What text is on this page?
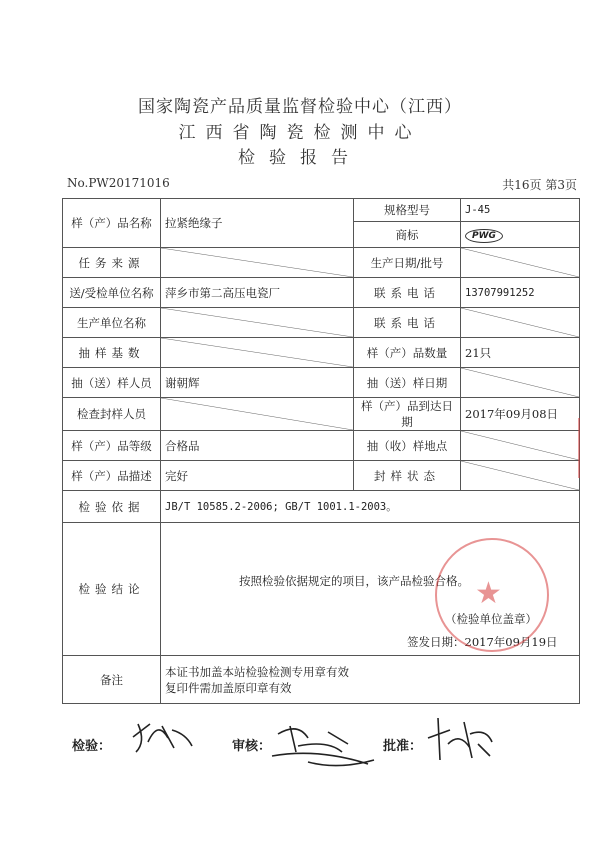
国家陶瓷产品质量监督检验中心（江西）
江西省陶瓷检测中心
检验报告
No.PW20171016	共16页 第3页
样（产）品名称	拉紧绝缘子	规格型号	J-45
		商标	PWG
任务来源		生产日期/批号	
送/受检单位名称	萍乡市第二高压电瓷厂	联系电话	13707991252
生产单位名称		联系电话	
抽样基数		样（产）品数量	21只
抽（送）样人员	谢朝辉	抽（送）样日期	
检查封样人员		样（产）品到达日期	2017年09月08日
样（产）品等级	合格品	抽（收）样地点	
样（产）品描述	完好	封样状态	
检验依据	JB/T 10585.2-2006; GB/T 1001.1-2003。		
检验结论	按照检验依据规定的项目，该产品检验合格。
（检验单位盖章）
签发日期：2017年09月19日		

备注	本证书加盖本站检验检测专用章有效
复印件需加盖原印章有效		
★
检验：	审核：	批准：
